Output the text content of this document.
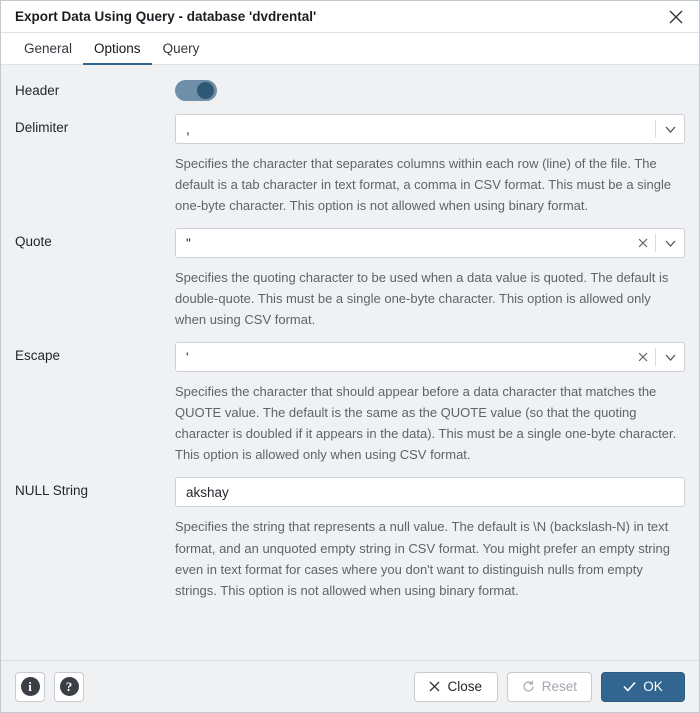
Export Data Using Query - database 'dvdrental'
General	Options	Query
Header
Delimiter	,
Specifies the character that separates columns within each row (line) of the file. The default is a tab character in text format, a comma in CSV format. This must be a single one-byte character. This option is not allowed when using binary format.
Quote	"
Specifies the quoting character to be used when a data value is quoted. The default is double-quote. This must be a single one-byte character. This option is allowed only when using CSV format.
Escape	'
Specifies the character that should appear before a data character that matches the QUOTE value. The default is the same as the QUOTE value (so that the quoting character is doubled if it appears in the data). This must be a single one-byte character. This option is allowed only when using CSV format.
NULL String	akshay
Specifies the string that represents a null value. The default is \N (backslash-N) in text format, and an unquoted empty string in CSV format. You might prefer an empty string even in text format for cases where you don't want to distinguish nulls from empty strings. This option is not allowed when using binary format.
i	?	Close	Reset	OK
